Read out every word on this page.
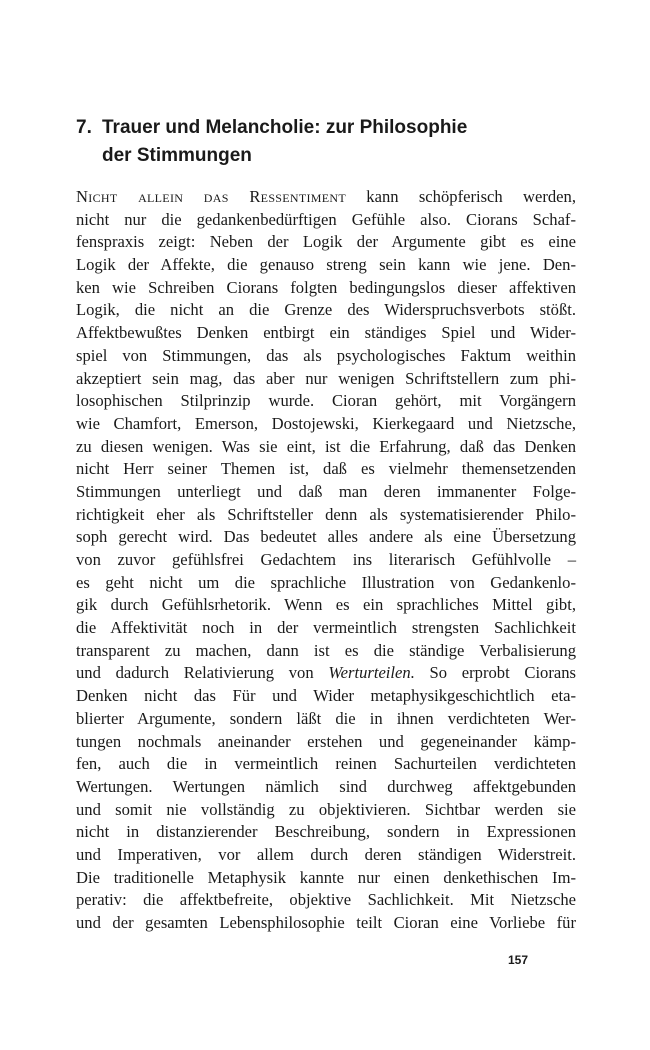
7. Trauer und Melancholie: zur Philosophie
der Stimmungen
Nicht allein das Ressentiment kann schöpferisch werden,
nicht nur die gedankenbedürftigen Gefühle also. Ciorans Schaf-
fenspraxis zeigt: Neben der Logik der Argumente gibt es eine
Logik der Affekte, die genauso streng sein kann wie jene. Den-
ken wie Schreiben Ciorans folgten bedingungslos dieser affektiven
Logik, die nicht an die Grenze des Widerspruchsverbots stößt.
Affektbewußtes Denken entbirgt ein ständiges Spiel und Wider-
spiel von Stimmungen, das als psychologisches Faktum weithin
akzeptiert sein mag, das aber nur wenigen Schriftstellern zum phi-
losophischen Stilprinzip wurde. Cioran gehört, mit Vorgängern
wie Chamfort, Emerson, Dostojewski, Kierkegaard und Nietzsche,
zu diesen wenigen. Was sie eint, ist die Erfahrung, daß das Denken
nicht Herr seiner Themen ist, daß es vielmehr themensetzenden
Stimmungen unterliegt und daß man deren immanenter Folge-
richtigkeit eher als Schriftsteller denn als systematisierender Philo-
soph gerecht wird. Das bedeutet alles andere als eine Übersetzung
von zuvor gefühlsfrei Gedachtem ins literarisch Gefühlvolle –
es geht nicht um die sprachliche Illustration von Gedankenlo-
gik durch Gefühlsrhetorik. Wenn es ein sprachliches Mittel gibt,
die Affektivität noch in der vermeintlich strengsten Sachlichkeit
transparent zu machen, dann ist es die ständige Verbalisierung
und dadurch Relativierung von Werturteilen. So erprobt Ciorans
Denken nicht das Für und Wider metaphysikgeschichtlich eta-
blierter Argumente, sondern läßt die in ihnen verdichteten Wer-
tungen nochmals aneinander erstehen und gegeneinander kämp-
fen, auch die in vermeintlich reinen Sachurteilen verdichteten
Wertungen. Wertungen nämlich sind durchweg affektgebunden
und somit nie vollständig zu objektivieren. Sichtbar werden sie
nicht in distanzierender Beschreibung, sondern in Expressionen
und Imperativen, vor allem durch deren ständigen Widerstreit.
Die traditionelle Metaphysik kannte nur einen denkethischen Im-
perativ: die affektbefreite, objektive Sachlichkeit. Mit Nietzsche
und der gesamten Lebensphilosophie teilt Cioran eine Vorliebe für
157
